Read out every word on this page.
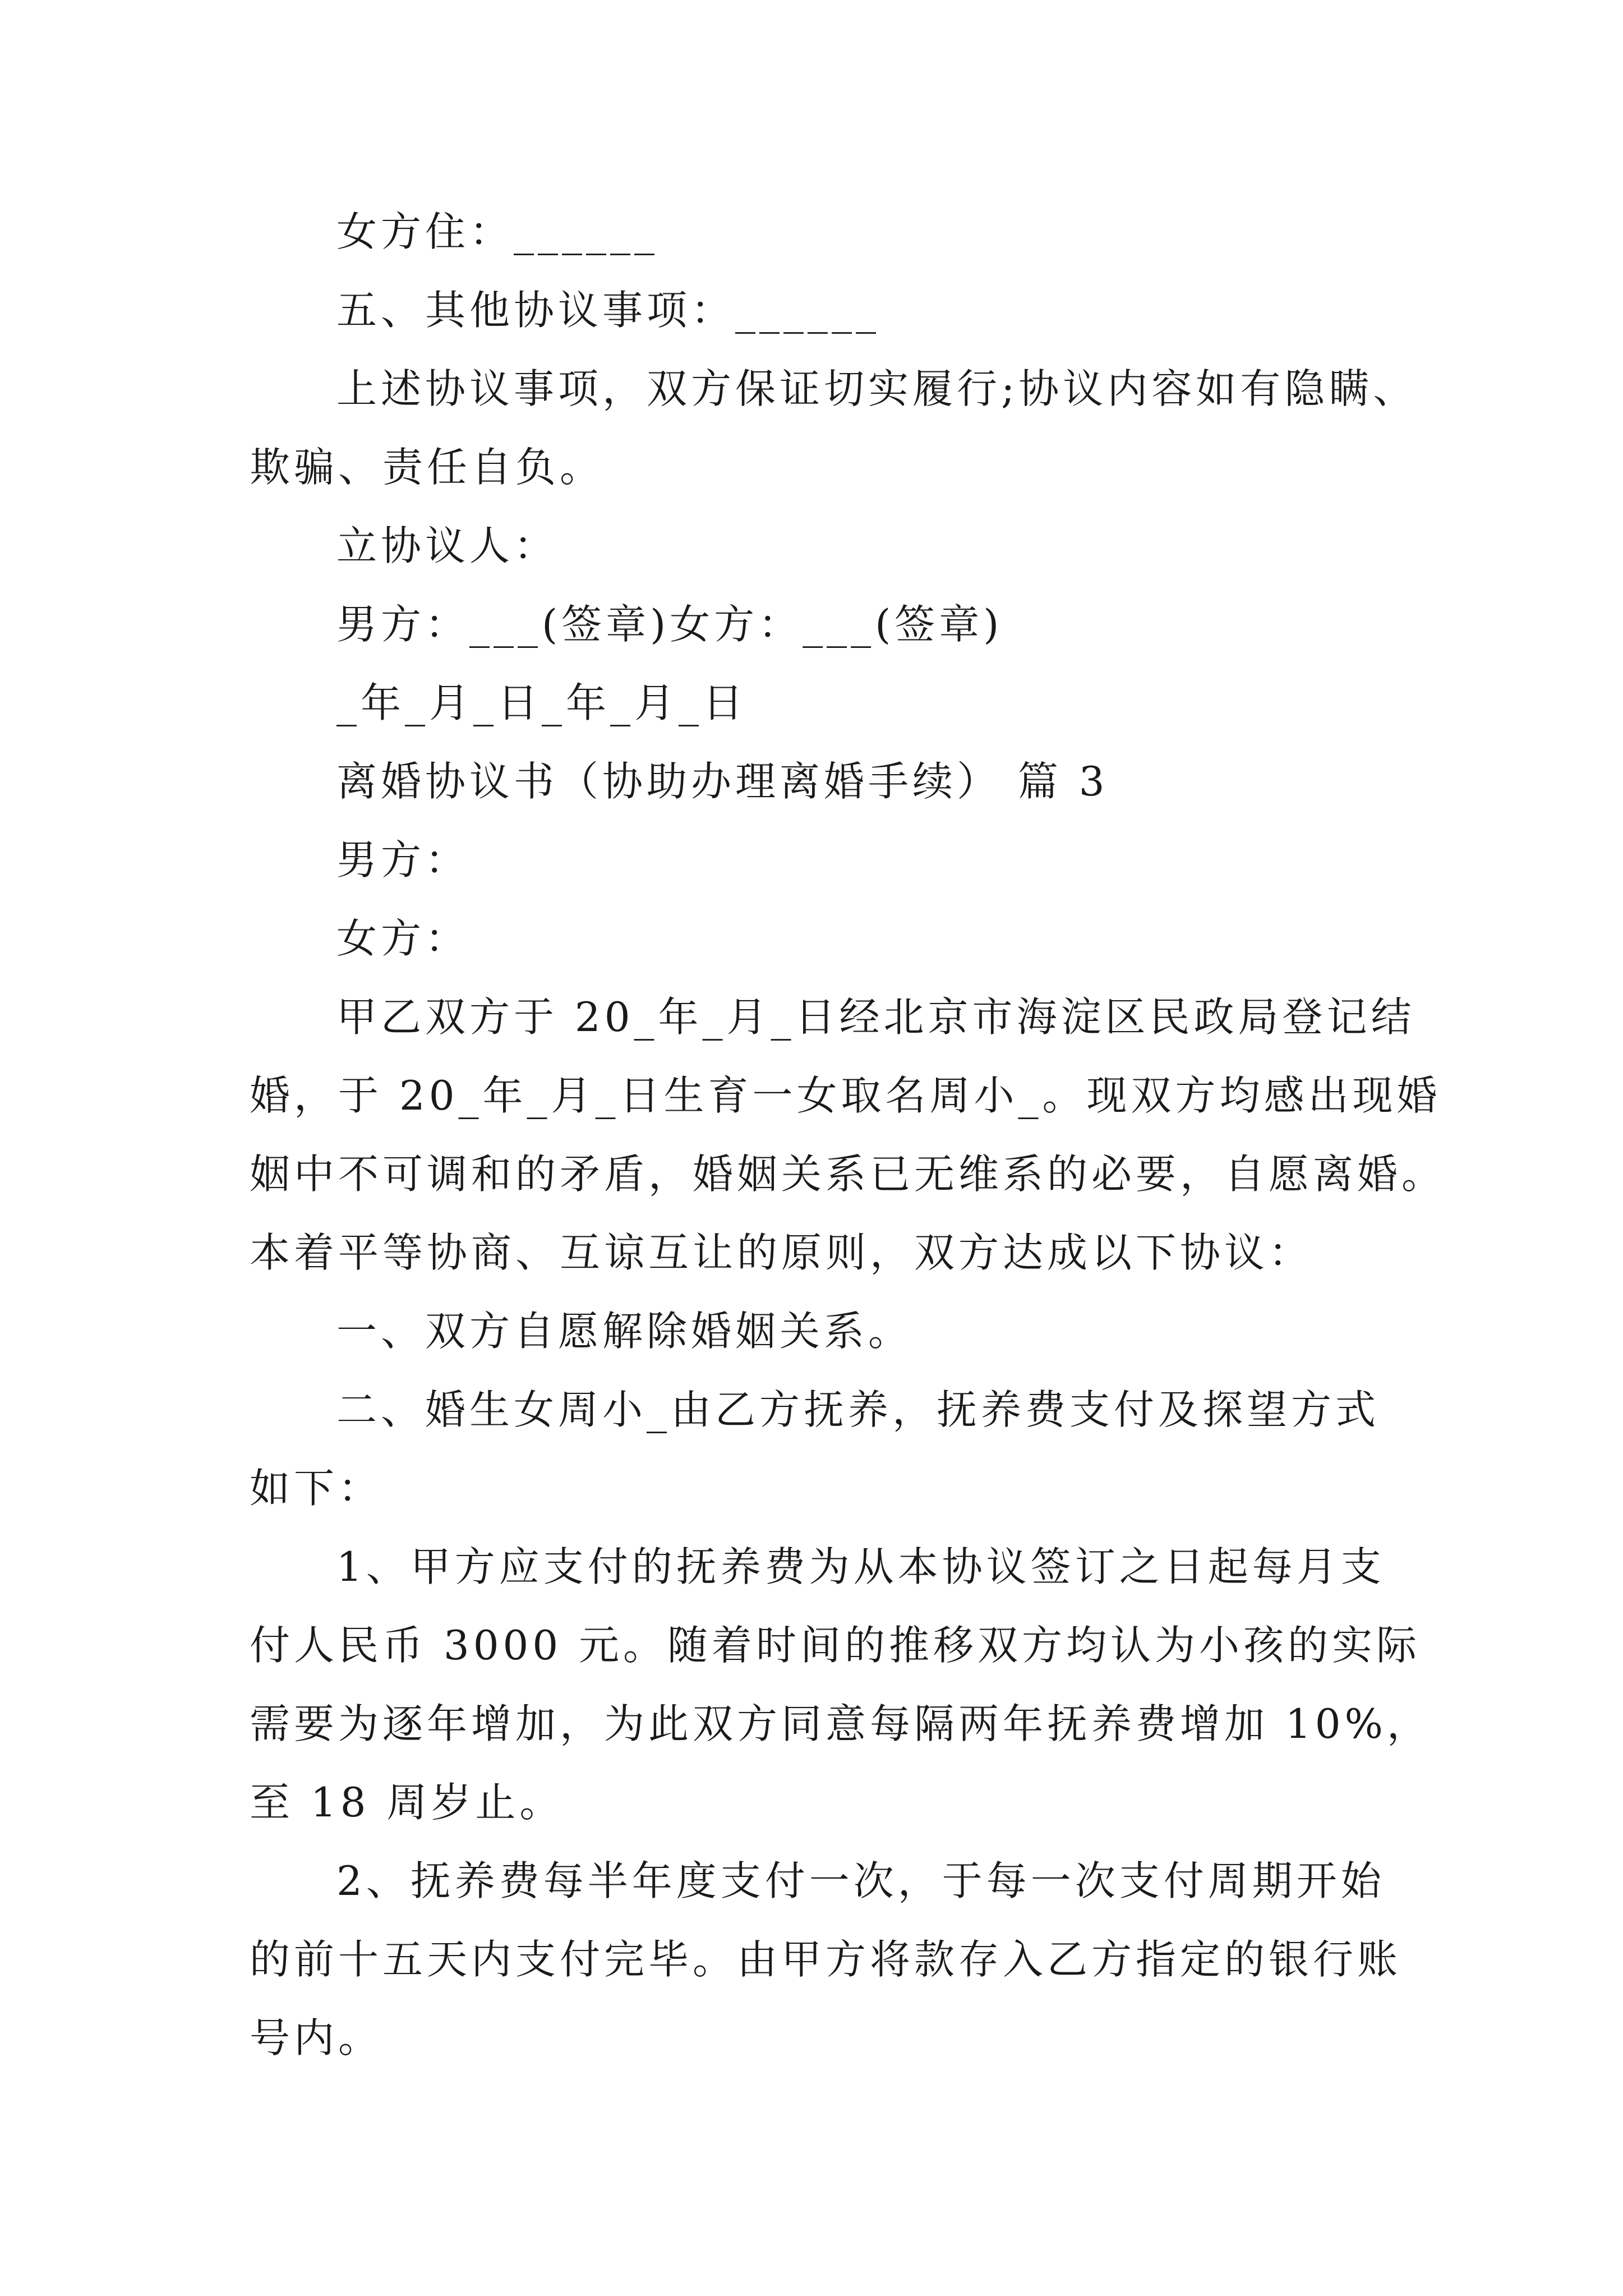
女方住：______
五、其他协议事项：______
上述协议事项，双方保证切实履行;协议内容如有隐瞒、
欺骗、责任自负。
立协议人：
男方：___(签章)女方：___(签章)
_年_月_日_年_月_日
离婚协议书（协助办理离婚手续） 篇 3
男方：
女方：
甲乙双方于 20_年_月_日经北京市海淀区民政局登记结
婚，于 20_年_月_日生育一女取名周小_。现双方均感出现婚
姻中不可调和的矛盾，婚姻关系已无维系的必要，自愿离婚。
本着平等协商、互谅互让的原则，双方达成以下协议：
一、双方自愿解除婚姻关系。
二、婚生女周小_由乙方抚养，抚养费支付及探望方式
如下：
1、甲方应支付的抚养费为从本协议签订之日起每月支
付人民币 3000 元。随着时间的推移双方均认为小孩的实际
需要为逐年增加，为此双方同意每隔两年抚养费增加 10%，
至 18 周岁止。
2、抚养费每半年度支付一次，于每一次支付周期开始
的前十五天内支付完毕。由甲方将款存入乙方指定的银行账
号内。
